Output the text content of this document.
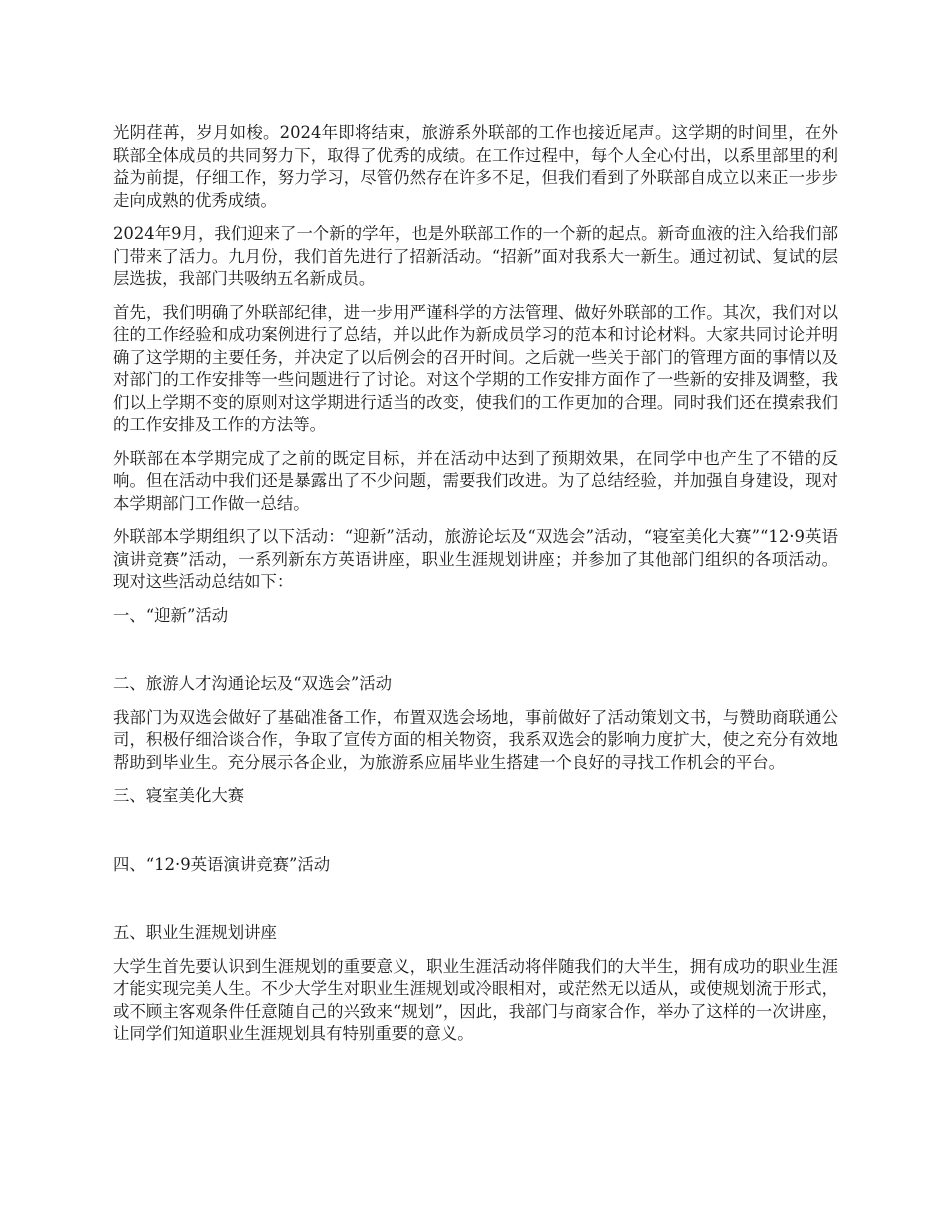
光阴荏苒，岁月如梭。2024年即将结束，旅游系外联部的工作也接近尾声。这学期的时间里，在外联部全体成员的共同努力下，取得了优秀的成绩。在工作过程中，每个人全心付出，以系里部里的利益为前提，仔细工作，努力学习，尽管仍然存在许多不足，但我们看到了外联部自成立以来正一步步走向成熟的优秀成绩。

2024年9月，我们迎来了一个新的学年，也是外联部工作的一个新的起点。新奇血液的注入给我们部门带来了活力。九月份，我们首先进行了招新活动。“招新”面对我系大一新生。通过初试、复试的层层选拔，我部门共吸纳五名新成员。

首先，我们明确了外联部纪律，进一步用严谨科学的方法管理、做好外联部的工作。其次，我们对以往的工作经验和成功案例进行了总结，并以此作为新成员学习的范本和讨论材料。大家共同讨论并明确了这学期的主要任务，并决定了以后例会的召开时间。之后就一些关于部门的管理方面的事情以及对部门的工作安排等一些问题进行了讨论。对这个学期的工作安排方面作了一些新的安排及调整，我们以上学期不变的原则对这学期进行适当的改变，使我们的工作更加的合理。同时我们还在摸索我们的工作安排及工作的方法等。

外联部在本学期完成了之前的既定目标，并在活动中达到了预期效果，在同学中也产生了不错的反响。但在活动中我们还是暴露出了不少问题，需要我们改进。为了总结经验，并加强自身建设，现对本学期部门工作做一总结。

外联部本学期组织了以下活动：“迎新”活动，旅游论坛及“双选会”活动，“寝室美化大赛”“12·9英语演讲竞赛”活动，一系列新东方英语讲座，职业生涯规划讲座；并参加了其他部门组织的各项活动。现对这些活动总结如下：

一、“迎新”活动

二、旅游人才沟通论坛及“双选会”活动

我部门为双选会做好了基础准备工作，布置双选会场地，事前做好了活动策划文书，与赞助商联通公司，积极仔细洽谈合作，争取了宣传方面的相关物资，我系双选会的影响力度扩大，使之充分有效地帮助到毕业生。充分展示各企业，为旅游系应届毕业生搭建一个良好的寻找工作机会的平台。

三、寝室美化大赛

四、“12·9英语演讲竞赛”活动

五、职业生涯规划讲座

大学生首先要认识到生涯规划的重要意义，职业生涯活动将伴随我们的大半生，拥有成功的职业生涯才能实现完美人生。不少大学生对职业生涯规划或冷眼相对，或茫然无以适从，或使规划流于形式，或不顾主客观条件任意随自己的兴致来“规划”，因此，我部门与商家合作，举办了这样的一次讲座，让同学们知道职业生涯规划具有特别重要的意义。
